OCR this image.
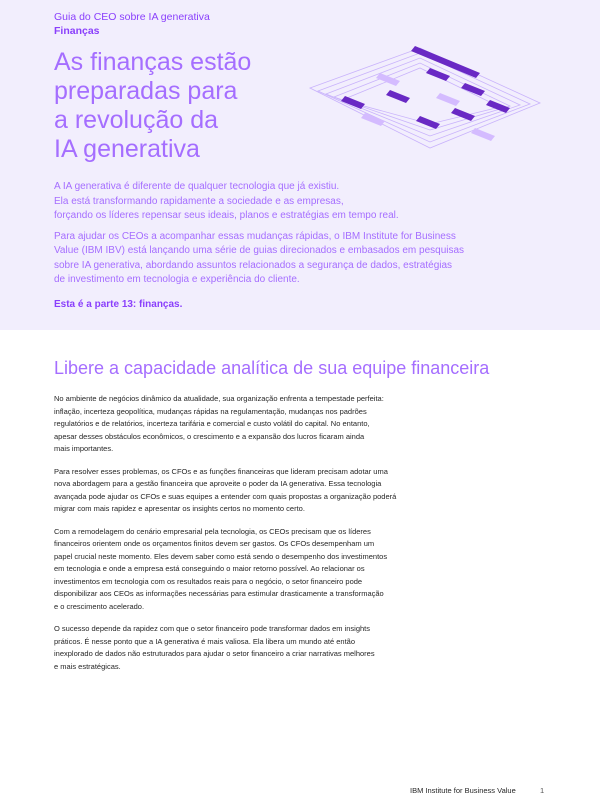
Guia do CEO sobre IA generativa
Finanças
As finanças estão
preparadas para
a revolução da
IA generativa

A IA generativa é diferente de qualquer tecnologia que já existiu.
Ela está transformando rapidamente a sociedade e as empresas,
forçando os líderes repensar seus ideais, planos e estratégias em tempo real.

Para ajudar os CEOs a acompanhar essas mudanças rápidas, o IBM Institute for Business
Value (IBM IBV) está lançando uma série de guias direcionados e embasados em pesquisas
sobre IA generativa, abordando assuntos relacionados a segurança de dados, estratégias
de investimento em tecnologia e experiência do cliente.

Esta é a parte 13: finanças.
Libere a capacidade analítica de sua equipe financeira

No ambiente de negócios dinâmico da atualidade, sua organização enfrenta a tempestade perfeita:
inflação, incerteza geopolítica, mudanças rápidas na regulamentação, mudanças nos padrões
regulatórios e de relatórios, incerteza tarifária e comercial e custo volátil do capital. No entanto,
apesar desses obstáculos econômicos, o crescimento e a expansão dos lucros ficaram ainda
mais importantes.

Para resolver esses problemas, os CFOs e as funções financeiras que lideram precisam adotar uma
nova abordagem para a gestão financeira que aproveite o poder da IA generativa. Essa tecnologia
avançada pode ajudar os CFOs e suas equipes a entender com quais propostas a organização poderá
migrar com mais rapidez e apresentar os insights certos no momento certo.

Com a remodelagem do cenário empresarial pela tecnologia, os CEOs precisam que os líderes
financeiros orientem onde os orçamentos finitos devem ser gastos. Os CFOs desempenham um
papel crucial neste momento. Eles devem saber como está sendo o desempenho dos investimentos
em tecnologia e onde a empresa está conseguindo o maior retorno possível. Ao relacionar os
investimentos em tecnologia com os resultados reais para o negócio, o setor financeiro pode
disponibilizar aos CEOs as informações necessárias para estimular drasticamente a transformação
e o crescimento acelerado.

O sucesso depende da rapidez com que o setor financeiro pode transformar dados em insights
práticos. É nesse ponto que a IA generativa é mais valiosa. Ela libera um mundo até então
inexplorado de dados não estruturados para ajudar o setor financeiro a criar narrativas melhores
e mais estratégicas.

IBM Institute for Business Value	1
